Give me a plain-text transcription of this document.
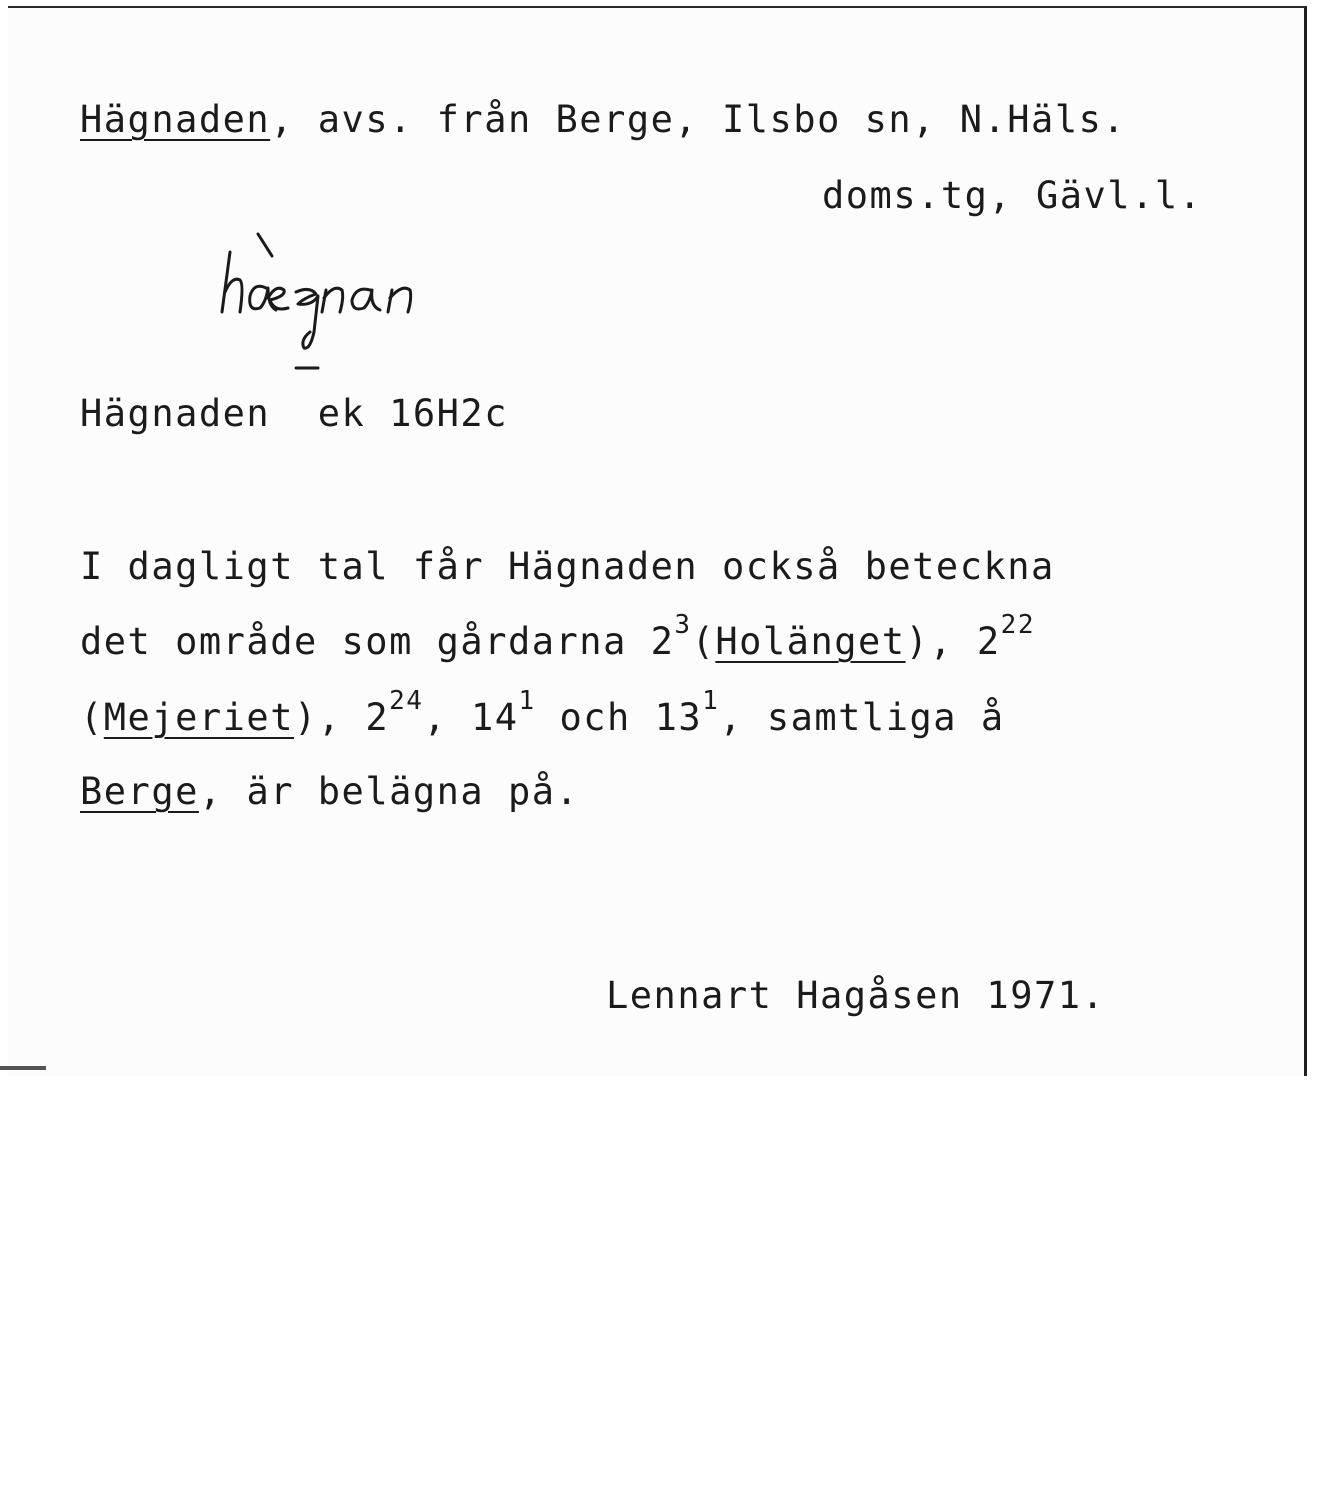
Hägnaden, avs. från Berge, Ilsbo sn, N.Häls.
doms.tg, Gävl.l.
hægnan
Hägnaden ek 16H2c
I dagligt tal får Hägnaden också beteckna
det område som gårdarna $2^3(Holänget)$, $2^{22}$
(Mejeriet), $2^{24}$, $14^1$ och $13^1$, samtliga å
Berge, är belägna på.
Lennart Hagåsen 1971.
